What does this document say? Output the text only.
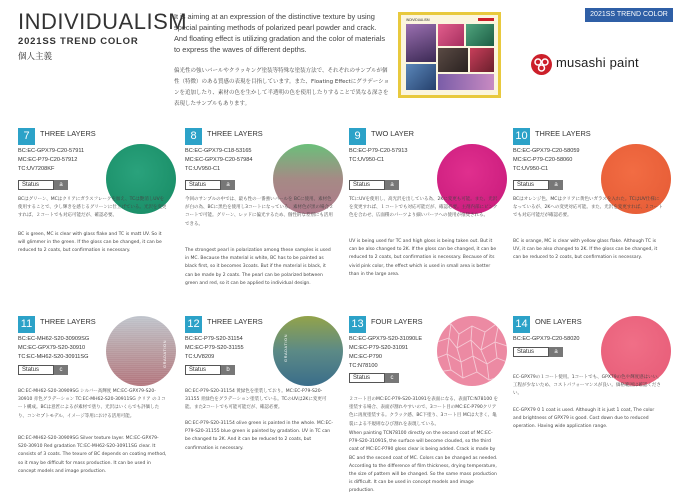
INDIVIDUALISM
2021SS TREND COLOR
個人主義
It is aiming at an expression of the distinctive texture by using special painting methods of polarized pearl powder and crack. And floating effect is utilizing gradation and the color of materials to express the waves of different depths.
偏光性の強いパールやクラッキング塗装等特殊な塗装方法で、それぞれのサンプルが個性（特徴）のある質感の表現を目指しています。また、Floating Effectにグラデーションを追加したり、素材の色を生かして半透明の色を使用したりすることで異なる深さを表現したサンプルもあります。
INDIVIDUALISM
musashi paint
2021SS TREND COLOR
7	THREE LAYERS
BC:EC-GPX79-C20-57911
MC:EC-P79-C20-57912
TC:UV7208KF
Status	a
BCはグリーン、MCはクリアにガラスフレークを加え、TCは艶消しUVを使用することで、少し輝きを感じるグリーンに仕上げている。光沢を変更すれば、２コートでも対応可能だが、確認必要。
BC is green, MC is clear with glass flake and TC is matt UV. So it will glimmer in the green. If the gloss can be changed, it can be reduced to 2 coats, but confirmation is necessary.
8	THREE LAYERS
BC:EC-GPX79-C18-53165
MC:EC-GPX79-C20-57984
TC:UV950-C1
Status	a
今回のサンプルの中では、最も性の一番強いパールを BCに使用。素材色が白の為、BCに黒色を使用し3コートになっている。素材色が黒の場合２コートで可能。グリーン、レッドに偏光するため、個性的な差別にも活用できる。
The strongest pearl in polarization among these samples is used in MC. Because the material is white, BC has to be painted as black first, so it becomes 3coats. But if the material is black, it can be made by 2 coats. The pearl can be polarized between green and red, so it can be applied to individual design.
9	TWO LAYER
BC:EC-P79-C20-57913
TC:UV950-C1
Status	a
TCにUVを使用し、高光沢を出している為、2Kに変更も可能。また、光沢を変更すれば、１コートでも対応可能だが、確認必要。主剤内部にピンク色を合わせ、広面積のパーツより細いパーツへの使用が推奨される。
UV is being used for TC and high gloss is being taken out. But it can be also changed to 2K. If the gloss can be changed, it can be reduced to 2 coats, but confirmation is necessary. Because of its vivid pink color, the effect which is used in small area is better than in the large area.
10 THREE LAYERS
BC:EC-GPX79-C20-58059
MC:EC-P79-C20-58060
TC:UV950-C1
Status	a
BCはオレンジ色、MCはクリアに黄色いガラスを入れた。TCはUV仕様になっているが、2Kへの変更対応可能。また、光沢を変更すれば、２コートでも対応可能だが確認必要。
BC is orange, MC is clear with yellow glass flake. Although TC is UV, it can be also changed to 2K. If the gloss can be changed, it can be reduced to 2 coats, but confirmation is necessary.
11	THREE LAYERS
BC:EC-MH62-S20-30909SG
MC:EC-GPX79-S20-30910
TC:EC-MH62-S20-30911SG
Status	c
GRADATION
BC:EC-MH62-S20-30909SG シルバー高輝度 MC:EC-GPX79-S20-30910 赤色グラデーション TC:EC-MH62-S20-30911SG クリア の３コート構成。BCは意匠によるが素材で塗り、光沢はいくらでも評価したり、コンセプトモデル、イメージ等用における活用可能。
BC:EC-MH62-S20-30909SG Silver texture layer. MC:EC-GPX79-S20-30910 Red gradation TC:EC-MH62-S20-30911SG clear. It consists of 3 coats. The texure of BC depends on coating method, so it may be difficult for mass production. It can be used in concept models and image production.
12 THREE LAYERS
BC:EC-P79-S20-31154
MC:EC-P79-S20-31155
TC:UV8209
Status	b
GRADATION
BC:EC-P79-S20-31154 黄緑色を塗装しており。MC:EC-P79-S20-31155 青緑色をグラデーション塗装している。TCのUVは2Kに変更可能。また2コートでも可能可能だが、確認必要。
BC:EC-P79-S20-31154 olive green is painted in the whole. MC:EC-P79-S20-31155 blue green is painted by gradation. UV in TC can be changed to 2K. And it can be reduced to 2 coats, but confirmation is necessary.
13 FOUR LAYERS
BC:EC-GPX79-S20-31090LE
MC:EC-P79-S20-31091
MC:EC-P790
TC:N78100
Status	c
２コート目のMC:EC-P79-S20-31091を表面になる、表面TC:N78100 を塗装する場合、表面が割れやすいので、3コート目のMC:EC-P790クリア色に再度塗装する。クラック感、BC下塗り、3コート目 MCは大きく、亀裂による不規則なひび割れを表現している。
When painting TCN78100 directly on the second coat of MC:EC-P79-S20-31091S, the surface will become clouded, so the third coat of MC:EC-P790 gloss clear is being added. Crack is made by BC and the second coat of MC. Colors can be changed as needed. According to the difference of film thickness, drying temperature, the size of pattern will be changed. So the same mass production is difficult. It can be used in concept models and image production.
14 ONE LAYERS
BC:EC-GPX79-C20-58020
Status	a
EC-GPX79の１コート使用。1コートでも、GPX79の色や輝度感はいい。工程が少ないため、コストパフォーマンスが良い。価格範囲は確認ください。
EC-GPX79 0 1 coat is used. Although it is just 1 coat, The color and brightness of GPX79 is good. Cost down due to reduced operation. Having wide application range.
